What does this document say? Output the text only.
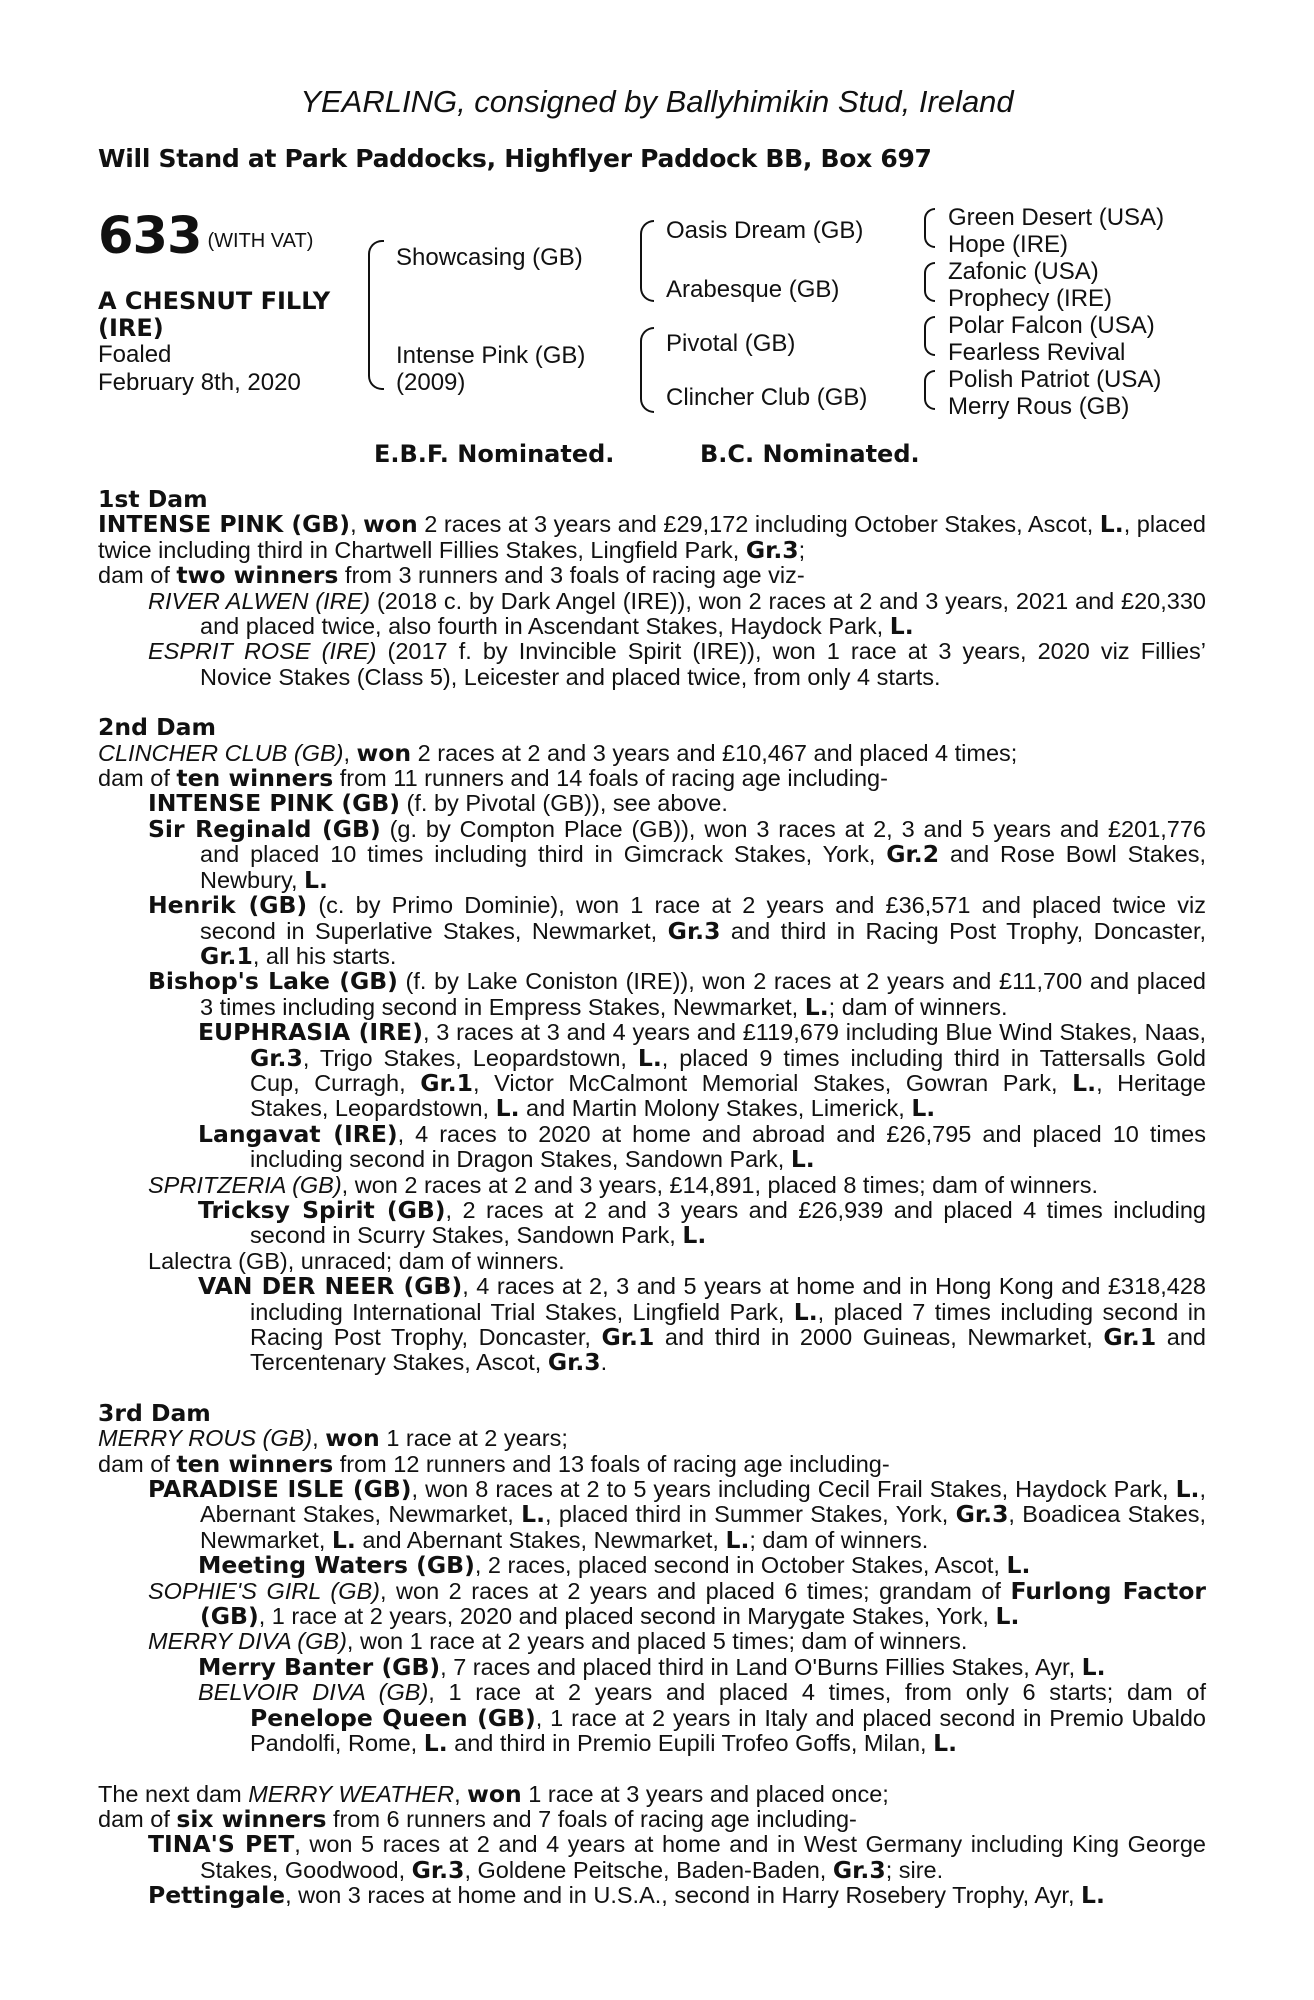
YEARLING, consigned by Ballyhimikin Stud, Ireland
Will Stand at Park Paddocks, Highflyer Paddock BB, Box 697
633 (WITH VAT)
A CHESNUT FILLY
(IRE)
Foaled
February 8th, 2020
Showcasing (GB)
Intense Pink (GB)
(2009)
Oasis Dream (GB)
Arabesque (GB)
Pivotal (GB)
Clincher Club (GB)
Green Desert (USA)
Hope (IRE)
Zafonic (USA)
Prophecy (IRE)
Polar Falcon (USA)
Fearless Revival
Polish Patriot (USA)
Merry Rous (GB)
E.B.F. Nominated.	B.C. Nominated.

1st Dam

INTENSE PINK (GB), won 2 races at 3 years and £29,172 including October Stakes, Ascot, L., placed twice including third in Chartwell Fillies Stakes, Lingfield Park, Gr.3;

dam of two winners from 3 runners and 3 foals of racing age viz-

RIVER ALWEN (IRE) (2018 c. by Dark Angel (IRE)), won 2 races at 2 and 3 years, 2021 and £20,330 and placed twice, also fourth in Ascendant Stakes, Haydock Park, L.

ESPRIT ROSE (IRE) (2017 f. by Invincible Spirit (IRE)), won 1 race at 3 years, 2020 viz Fillies’ Novice Stakes (Class 5), Leicester and placed twice, from only 4 starts.

2nd Dam

CLINCHER CLUB (GB), won 2 races at 2 and 3 years and £10,467 and placed 4 times;

dam of ten winners from 11 runners and 14 foals of racing age including-

INTENSE PINK (GB) (f. by Pivotal (GB)), see above.

Sir Reginald (GB) (g. by Compton Place (GB)), won 3 races at 2, 3 and 5 years and £201,776 and placed 10 times including third in Gimcrack Stakes, York, Gr.2 and Rose Bowl Stakes, Newbury, L.

Henrik (GB) (c. by Primo Dominie), won 1 race at 2 years and £36,571 and placed twice viz second in Superlative Stakes, Newmarket, Gr.3 and third in Racing Post Trophy, Doncaster, Gr.1, all his starts.

Bishop's Lake (GB) (f. by Lake Coniston (IRE)), won 2 races at 2 years and £11,700 and placed 3 times including second in Empress Stakes, Newmarket, L.; dam of winners.

EUPHRASIA (IRE), 3 races at 3 and 4 years and £119,679 including Blue Wind Stakes, Naas, Gr.3, Trigo Stakes, Leopardstown, L., placed 9 times including third in Tattersalls Gold Cup, Curragh, Gr.1, Victor McCalmont Memorial Stakes, Gowran Park, L., Heritage Stakes, Leopardstown, L. and Martin Molony Stakes, Limerick, L.

Langavat (IRE), 4 races to 2020 at home and abroad and £26,795 and placed 10 times including second in Dragon Stakes, Sandown Park, L.

SPRITZERIA (GB), won 2 races at 2 and 3 years, £14,891, placed 8 times; dam of winners.

Tricksy Spirit (GB), 2 races at 2 and 3 years and £26,939 and placed 4 times including second in Scurry Stakes, Sandown Park, L.

Lalectra (GB), unraced; dam of winners.

VAN DER NEER (GB), 4 races at 2, 3 and 5 years at home and in Hong Kong and £318,428 including International Trial Stakes, Lingfield Park, L., placed 7 times including second in Racing Post Trophy, Doncaster, Gr.1 and third in 2000 Guineas, Newmarket, Gr.1 and Tercentenary Stakes, Ascot, Gr.3.

3rd Dam

MERRY ROUS (GB), won 1 race at 2 years;

dam of ten winners from 12 runners and 13 foals of racing age including-

PARADISE ISLE (GB), won 8 races at 2 to 5 years including Cecil Frail Stakes, Haydock Park, L., Abernant Stakes, Newmarket, L., placed third in Summer Stakes, York, Gr.3, Boadicea Stakes, Newmarket, L. and Abernant Stakes, Newmarket, L.; dam of winners.

Meeting Waters (GB), 2 races, placed second in October Stakes, Ascot, L.

SOPHIE'S GIRL (GB), won 2 races at 2 years and placed 6 times; grandam of Furlong Factor (GB), 1 race at 2 years, 2020 and placed second in Marygate Stakes, York, L.

MERRY DIVA (GB), won 1 race at 2 years and placed 5 times; dam of winners.

Merry Banter (GB), 7 races and placed third in Land O'Burns Fillies Stakes, Ayr, L.

BELVOIR DIVA (GB), 1 race at 2 years and placed 4 times, from only 6 starts; dam of Penelope Queen (GB), 1 race at 2 years in Italy and placed second in Premio Ubaldo Pandolfi, Rome, L. and third in Premio Eupili Trofeo Goffs, Milan, L.

The next dam MERRY WEATHER, won 1 race at 3 years and placed once;

dam of six winners from 6 runners and 7 foals of racing age including-

TINA'S PET, won 5 races at 2 and 4 years at home and in West Germany including King George Stakes, Goodwood, Gr.3, Goldene Peitsche, Baden-Baden, Gr.3; sire.

Pettingale, won 3 races at home and in U.S.A., second in Harry Rosebery Trophy, Ayr, L.
